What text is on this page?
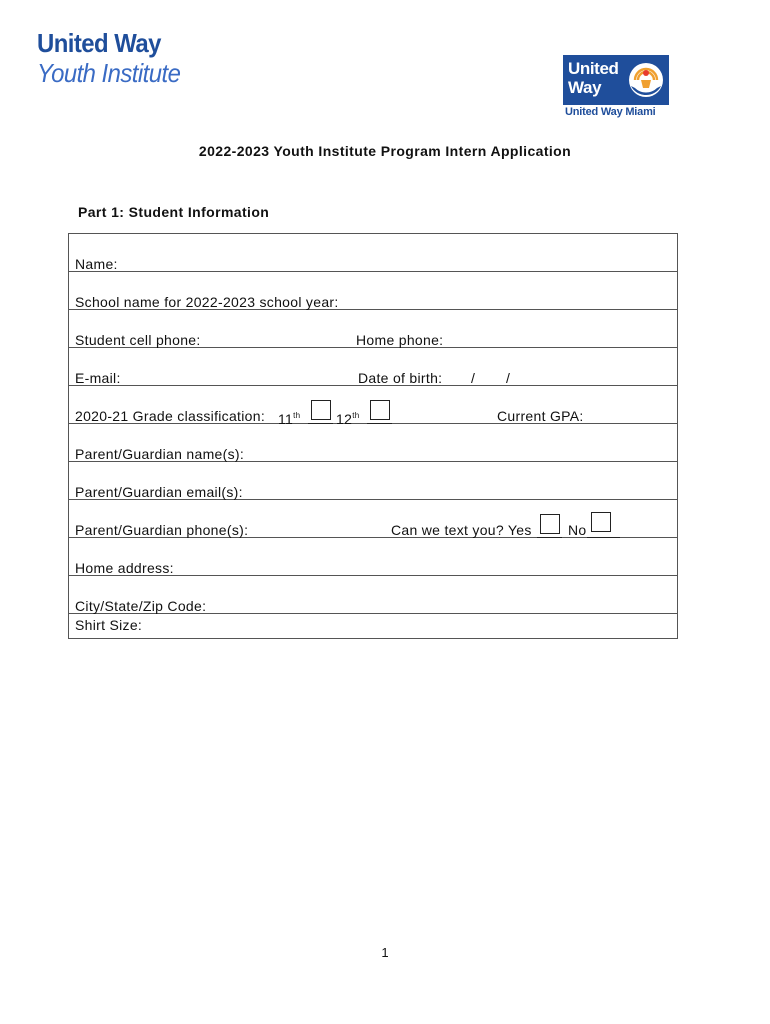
United Way
Youth Institute	United
Way
United Way Miami
2022-2023 Youth Institute Program Intern Application
Part 1: Student Information
Name:
School name for 2022-2023 school year:
Student cell phone:	Home phone:
E-mail:	Date of birth: / /
2020-21 Grade classification: 11th	12th	Current GPA:
Parent/Guardian name(s):
Parent/Guardian email(s):
Parent/Guardian phone(s):	Can we text you? Yes	No
Home address:
City/State/Zip Code:
Shirt Size:
1
